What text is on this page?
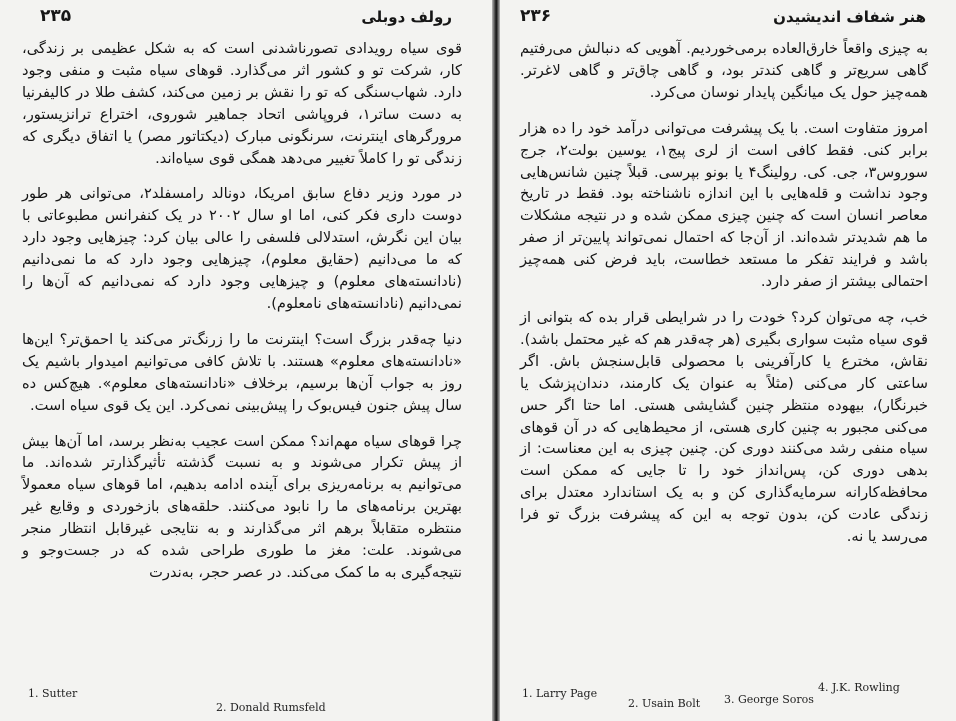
۲۳۵	رولف دوبلی

قوی سیاه رویدادی تصورناشدنی است که به شکل عظیمی بر زندگی، کار، شرکت تو و کشور اثر می‌گذارد. قوهای سیاه مثبت و منفی وجود دارد. شهاب‌سنگی که تو را نقش بر زمین می‌کند، کشف طلا در کالیفرنیا به دست ساتر۱، فروپاشی اتحاد جماهیر شوروی، اختراع ترانزیستور، مرورگرهای اینترنت، سرنگونی مبارک (دیکتاتور مصر) یا اتفاق دیگری که زندگی تو را کاملاً تغییر می‌دهد همگی قوی سیاه‌اند.

در مورد وزیر دفاع سابق امریکا، دونالد رامسفلد۲، می‌توانی هر طور دوست داری فکر کنی، اما او سال ۲۰۰۲ در یک کنفرانس مطبوعاتی با بیان این نگرش، استدلالی فلسفی را عالی بیان کرد: چیزهایی وجود دارد که ما می‌دانیم (حقایق معلوم)، چیزهایی وجود دارد که ما نمی‌دانیم (نادانسته‌های معلوم) و چیزهایی وجود دارد که نمی‌دانیم که آن‌ها را نمی‌دانیم (نادانسته‌های نامعلوم).

دنیا چه‌قدر بزرگ است؟ اینترنت ما را زرنگ‌تر می‌کند یا احمق‌تر؟ این‌ها «نادانسته‌های معلوم» هستند. با تلاش کافی می‌توانیم امیدوار باشیم یک روز به جواب آن‌ها برسیم، برخلاف «نادانسته‌های معلوم». هیچ‌کس ده سال پیش جنون فیس‌بوک را پیش‌بینی نمی‌کرد. این یک قوی سیاه است.

چرا قوهای سیاه مهم‌اند؟ ممکن است عجیب به‌نظر برسد، اما آن‌ها بیش از پیش تکرار می‌شوند و به نسبت گذشته تأثیرگذارتر شده‌اند. ما می‌توانیم به برنامه‌ریزی برای آینده ادامه بدهیم، اما قوهای سیاه معمولاً بهترین برنامه‌های ما را نابود می‌کنند. حلقه‌های بازخوردی و وقایع غیر منتظره متقابلاً برهم اثر می‌گذارند و به نتایجی غیرقابل انتظار منجر می‌شوند. علت: مغز ما طوری طراحی شده که در جست‌وجو و نتیجه‌گیری به ما کمک می‌کند. در عصر حجر، به‌ندرت

1. Sutter
2. Donald Rumsfeld
۲۳۶	هنر شفاف اندیشیدن

به چیزی واقعاً خارق‌العاده برمی‌خوردیم. آهویی که دنبالش می‌رفتیم گاهی سریع‌تر و گاهی کندتر بود، و گاهی چاق‌تر و گاهی لاغرتر. همه‌چیز حول یک میانگین پایدار نوسان می‌کرد.

امروز متفاوت است. با یک پیشرفت می‌توانی درآمد خود را ده هزار برابر کنی. فقط کافی است از لری پیج۱، یوسین بولت۲، جرج سوروس۳، جی. کی. رولینگ۴ یا بونو بپرسی. قبلاً چنین شانس‌هایی وجود نداشت و قله‌هایی با این اندازه ناشناخته بود. فقط در تاریخ معاصر انسان است که چنین چیزی ممکن شده و در نتیجه مشکلات ما هم شدیدتر شده‌اند. از آن‌جا که احتمال نمی‌تواند پایین‌تر از صفر باشد و فرایند تفکر ما مستعد خطاست، باید فرض کنی همه‌چیز احتمالی بیشتر از صفر دارد.

خب، چه می‌توان کرد؟ خودت را در شرایطی قرار بده که بتوانی از قوی سیاه مثبت سواری بگیری (هر چه‌قدر هم که غیر محتمل باشد). نقاش، مخترع یا کارآفرینی با محصولی قابل‌سنجش باش. اگر ساعتی کار می‌کنی (مثلاً به عنوان یک کارمند، دندان‌پزشک یا خبرنگار)، بیهوده منتظر چنین گشایشی هستی. اما حتا اگر حس می‌کنی مجبور به چنین کاری هستی، از محیط‌هایی که در آن قوهای سیاه منفی رشد می‌کنند دوری کن. چنین چیزی به این معناست: از بدهی دوری کن، پس‌انداز خود را تا جایی که ممکن است محافظه‌کارانه سرمایه‌گذاری کن و به یک استاندارد معتدل برای زندگی عادت کن، بدون توجه به این که پیشرفت بزرگ تو فرا می‌رسد یا نه.

1. Larry Page
2. Usain Bolt 3. George Soros
4. J.K. Rowling
